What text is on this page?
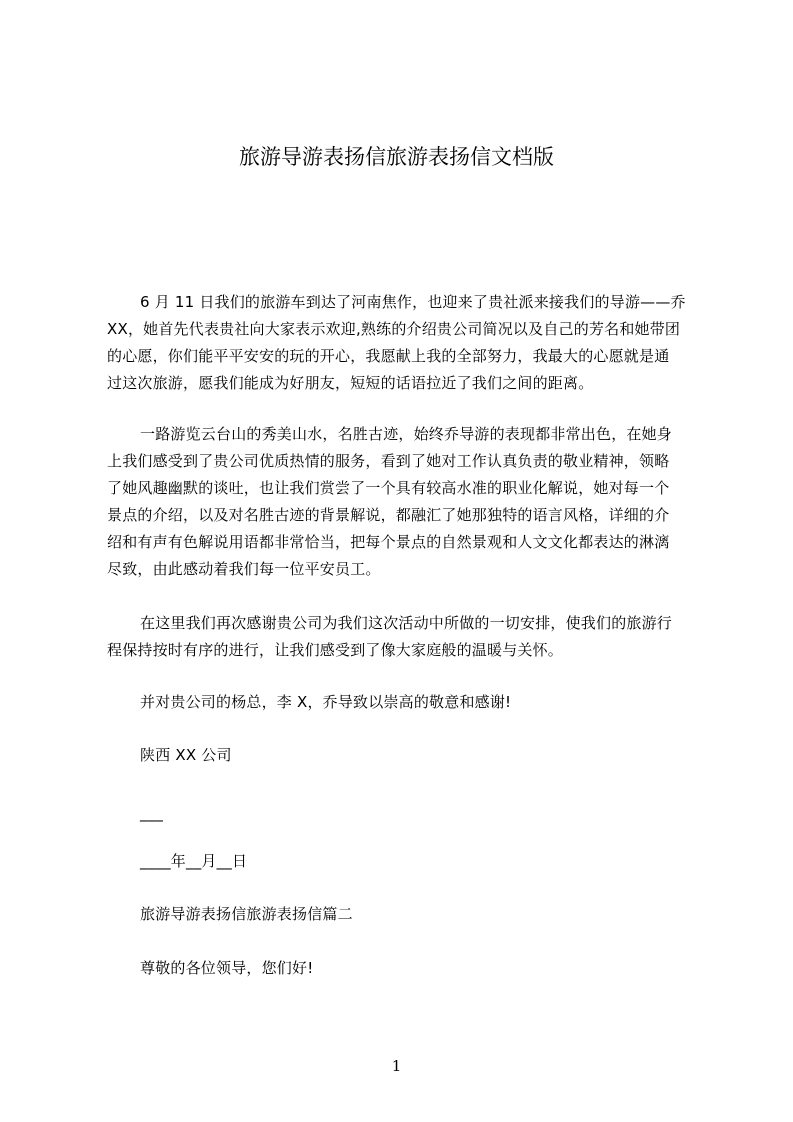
旅游导游表扬信旅游表扬信文档版
6 月 11 日我们的旅游车到达了河南焦作，也迎来了贵社派来接我们的导游——乔
XX，她首先代表贵社向大家表示欢迎,熟练的介绍贵公司简况以及自己的芳名和她带团
的心愿，你们能平平安安的玩的开心，我愿献上我的全部努力，我最大的心愿就是通
过这次旅游，愿我们能成为好朋友，短短的话语拉近了我们之间的距离。
一路游览云台山的秀美山水，名胜古迹，始终乔导游的表现都非常出色，在她身
上我们感受到了贵公司优质热情的服务，看到了她对工作认真负责的敬业精神，领略
了她风趣幽默的谈吐，也让我们赏尝了一个具有较高水准的职业化解说，她对每一个
景点的介绍，以及对名胜古迹的背景解说，都融汇了她那独特的语言风格，详细的介
绍和有声有色解说用语都非常恰当，把每个景点的自然景观和人文文化都表达的淋漓
尽致，由此感动着我们每一位平安员工。
在这里我们再次感谢贵公司为我们这次活动中所做的一切安排，使我们的旅游行
程保持按时有序的进行，让我们感受到了像大家庭般的温暖与关怀。
并对贵公司的杨总，李 X，乔导致以崇高的敬意和感谢!
陕西 XX 公司
___
____年__月__日
旅游导游表扬信旅游表扬信篇二
尊敬的各位领导，您们好!
1
